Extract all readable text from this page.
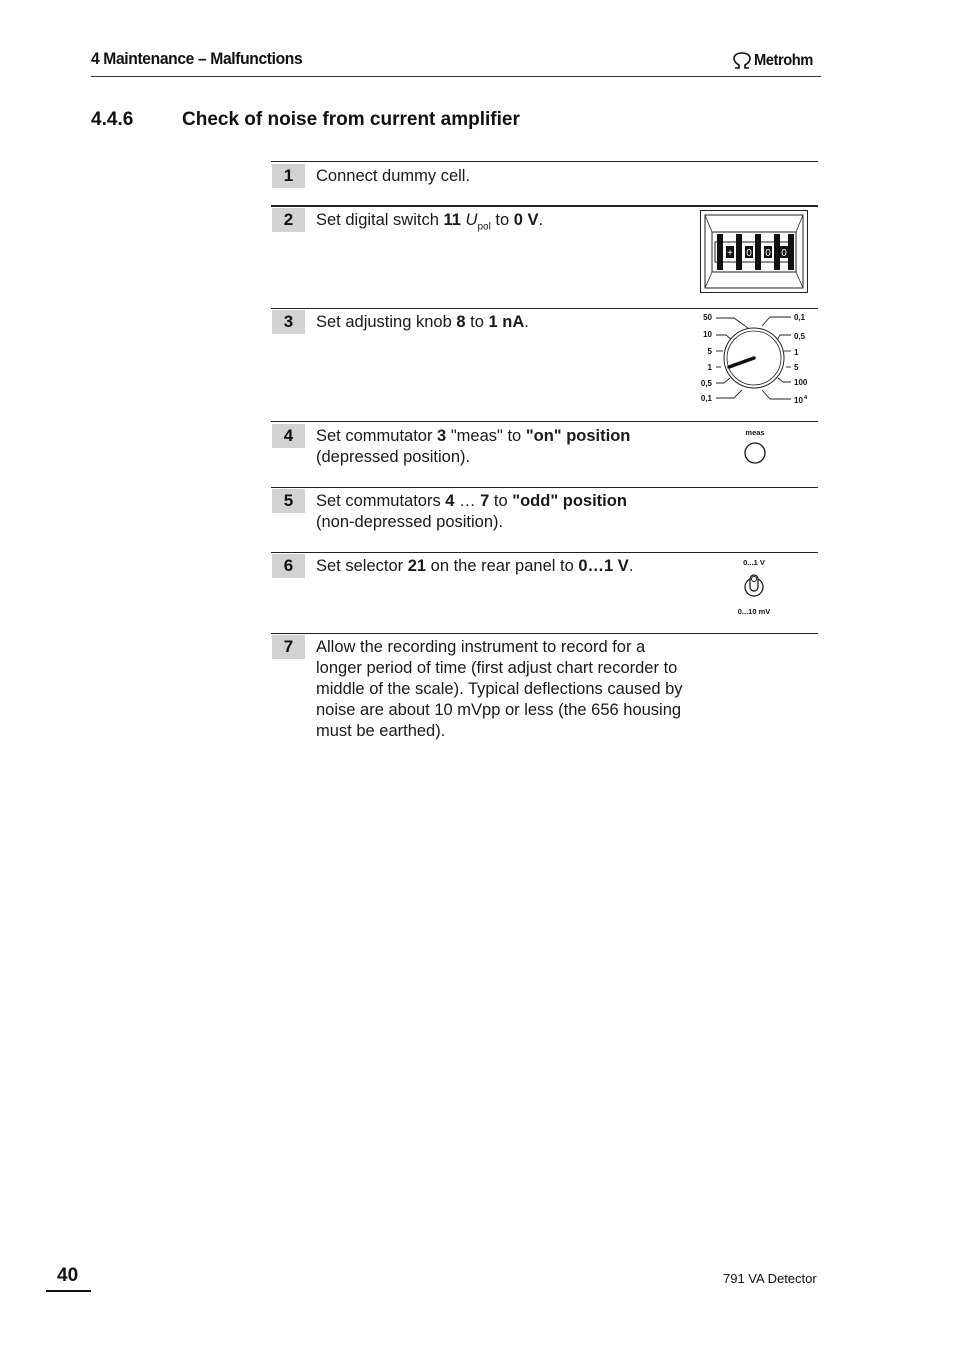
4 Maintenance – Malfunctions	Metrohm
4.4.6	Check of noise from current amplifier
1	Connect dummy cell.
2	Set digital switch 11 $U_{pol}$ to 0 V.
+ 0 0 0
3	Set adjusting knob 8 to 1 nA.	50
10
5
1
0,5
0,1
0,1
0,5
1
5
100
10 4
4	Set commutator 3 "meas" to "on" position
(depressed position).
meas
5	Set commutators 4 … 7 to "odd" position
(non-depressed position).
6	Set selector 21 on the rear panel to 0…1 V.	0...1 V
0...10 mV
7	Allow the recording instrument to record for a longer period of time (first adjust chart recorder to middle of the scale). Typical deflections caused by noise are about 10 mVpp or less (the 656 housing must be earthed).
40	791 VA Detector
